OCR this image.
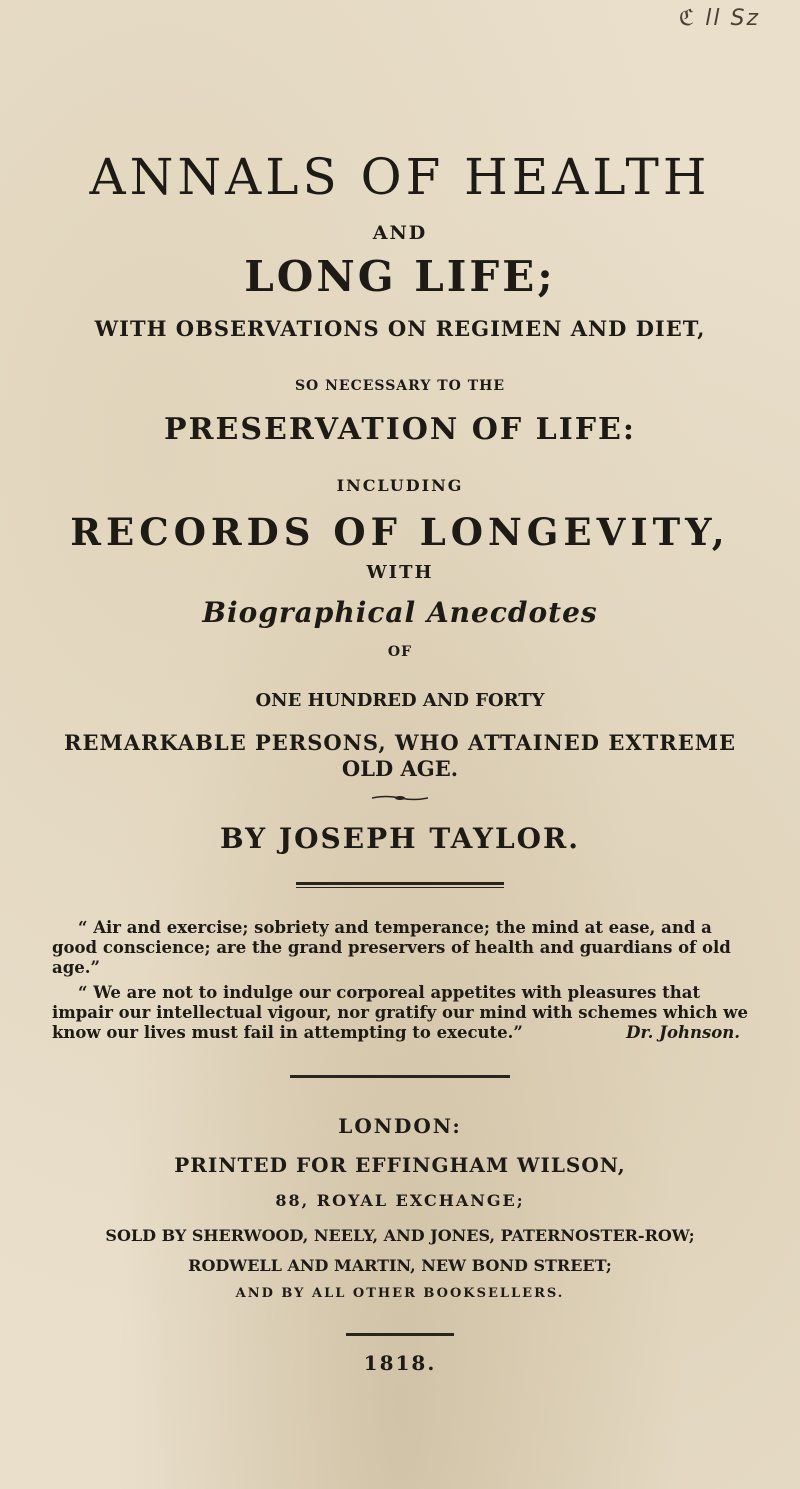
ℭ ll Sz
ANNALS OF HEALTH
AND
LONG LIFE;
WITH OBSERVATIONS ON REGIMEN AND DIET,
SO NECESSARY TO THE
PRESERVATION OF LIFE:
INCLUDING
RECORDS OF LONGEVITY,
WITH
Biographical Anecdotes
OF
ONE HUNDRED AND FORTY
REMARKABLE PERSONS, WHO ATTAINED EXTREME
OLD AGE.
BY JOSEPH TAYLOR.
“ Air and exercise; sobriety and temperance; the mind at ease, and a good conscience; are the grand preservers of health and guardians of old age.”
“ We are not to indulge our corporeal appetites with pleasures that impair our intellectual vigour, nor gratify our mind with schemes which we know our lives must fail in attempting to execute.”	Dr. Johnson.
LONDON:
PRINTED FOR EFFINGHAM WILSON,
88, ROYAL EXCHANGE;
SOLD BY SHERWOOD, NEELY, AND JONES, PATERNOSTER-ROW;
RODWELL AND MARTIN, NEW BOND STREET;
AND BY ALL OTHER BOOKSELLERS.
1818.
